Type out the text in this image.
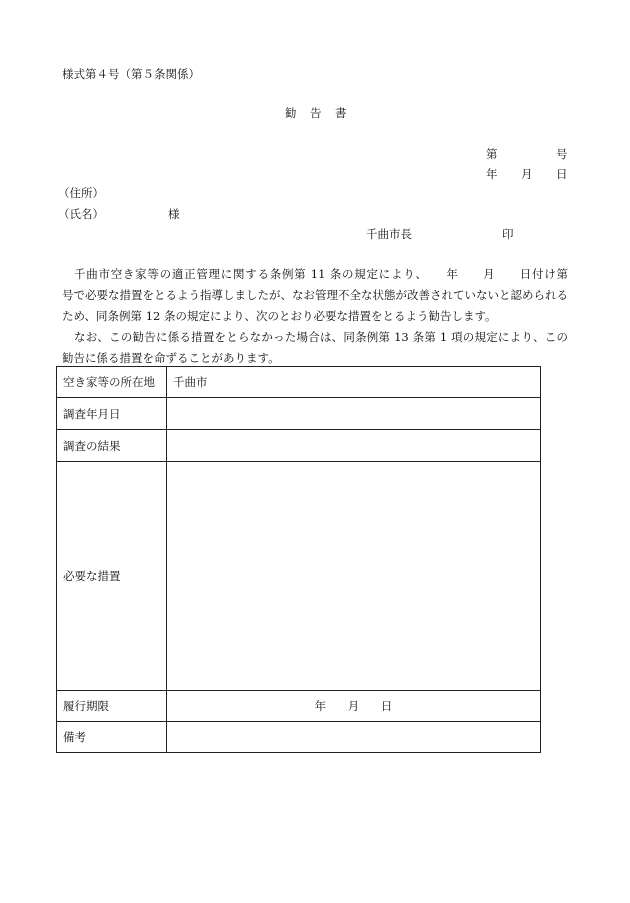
様式第４号（第５条関係）
勧　告　書
第	号
年 月 日
（住所）
（氏名）	様
千曲市長	印
千曲市空き家等の適正管理に関する条例第 11 条の規定により、　　年　　月　　日付け第　　　号で必要な措置をとるよう指導しましたが、なお管理不全な状態が改善されていないと認められるため、同条例第 12 条の規定により、次のとおり必要な措置をとるよう勧告します。
なお、この勧告に係る措置をとらなかった場合は、同条例第 13 条第 1 項の規定により、この勧告に係る措置を命ずることがあります。
空き家等の所在地	千曲市
調査年月日	
調査の結果	
必要な措置	
履行期限	年 月 日
備考	
